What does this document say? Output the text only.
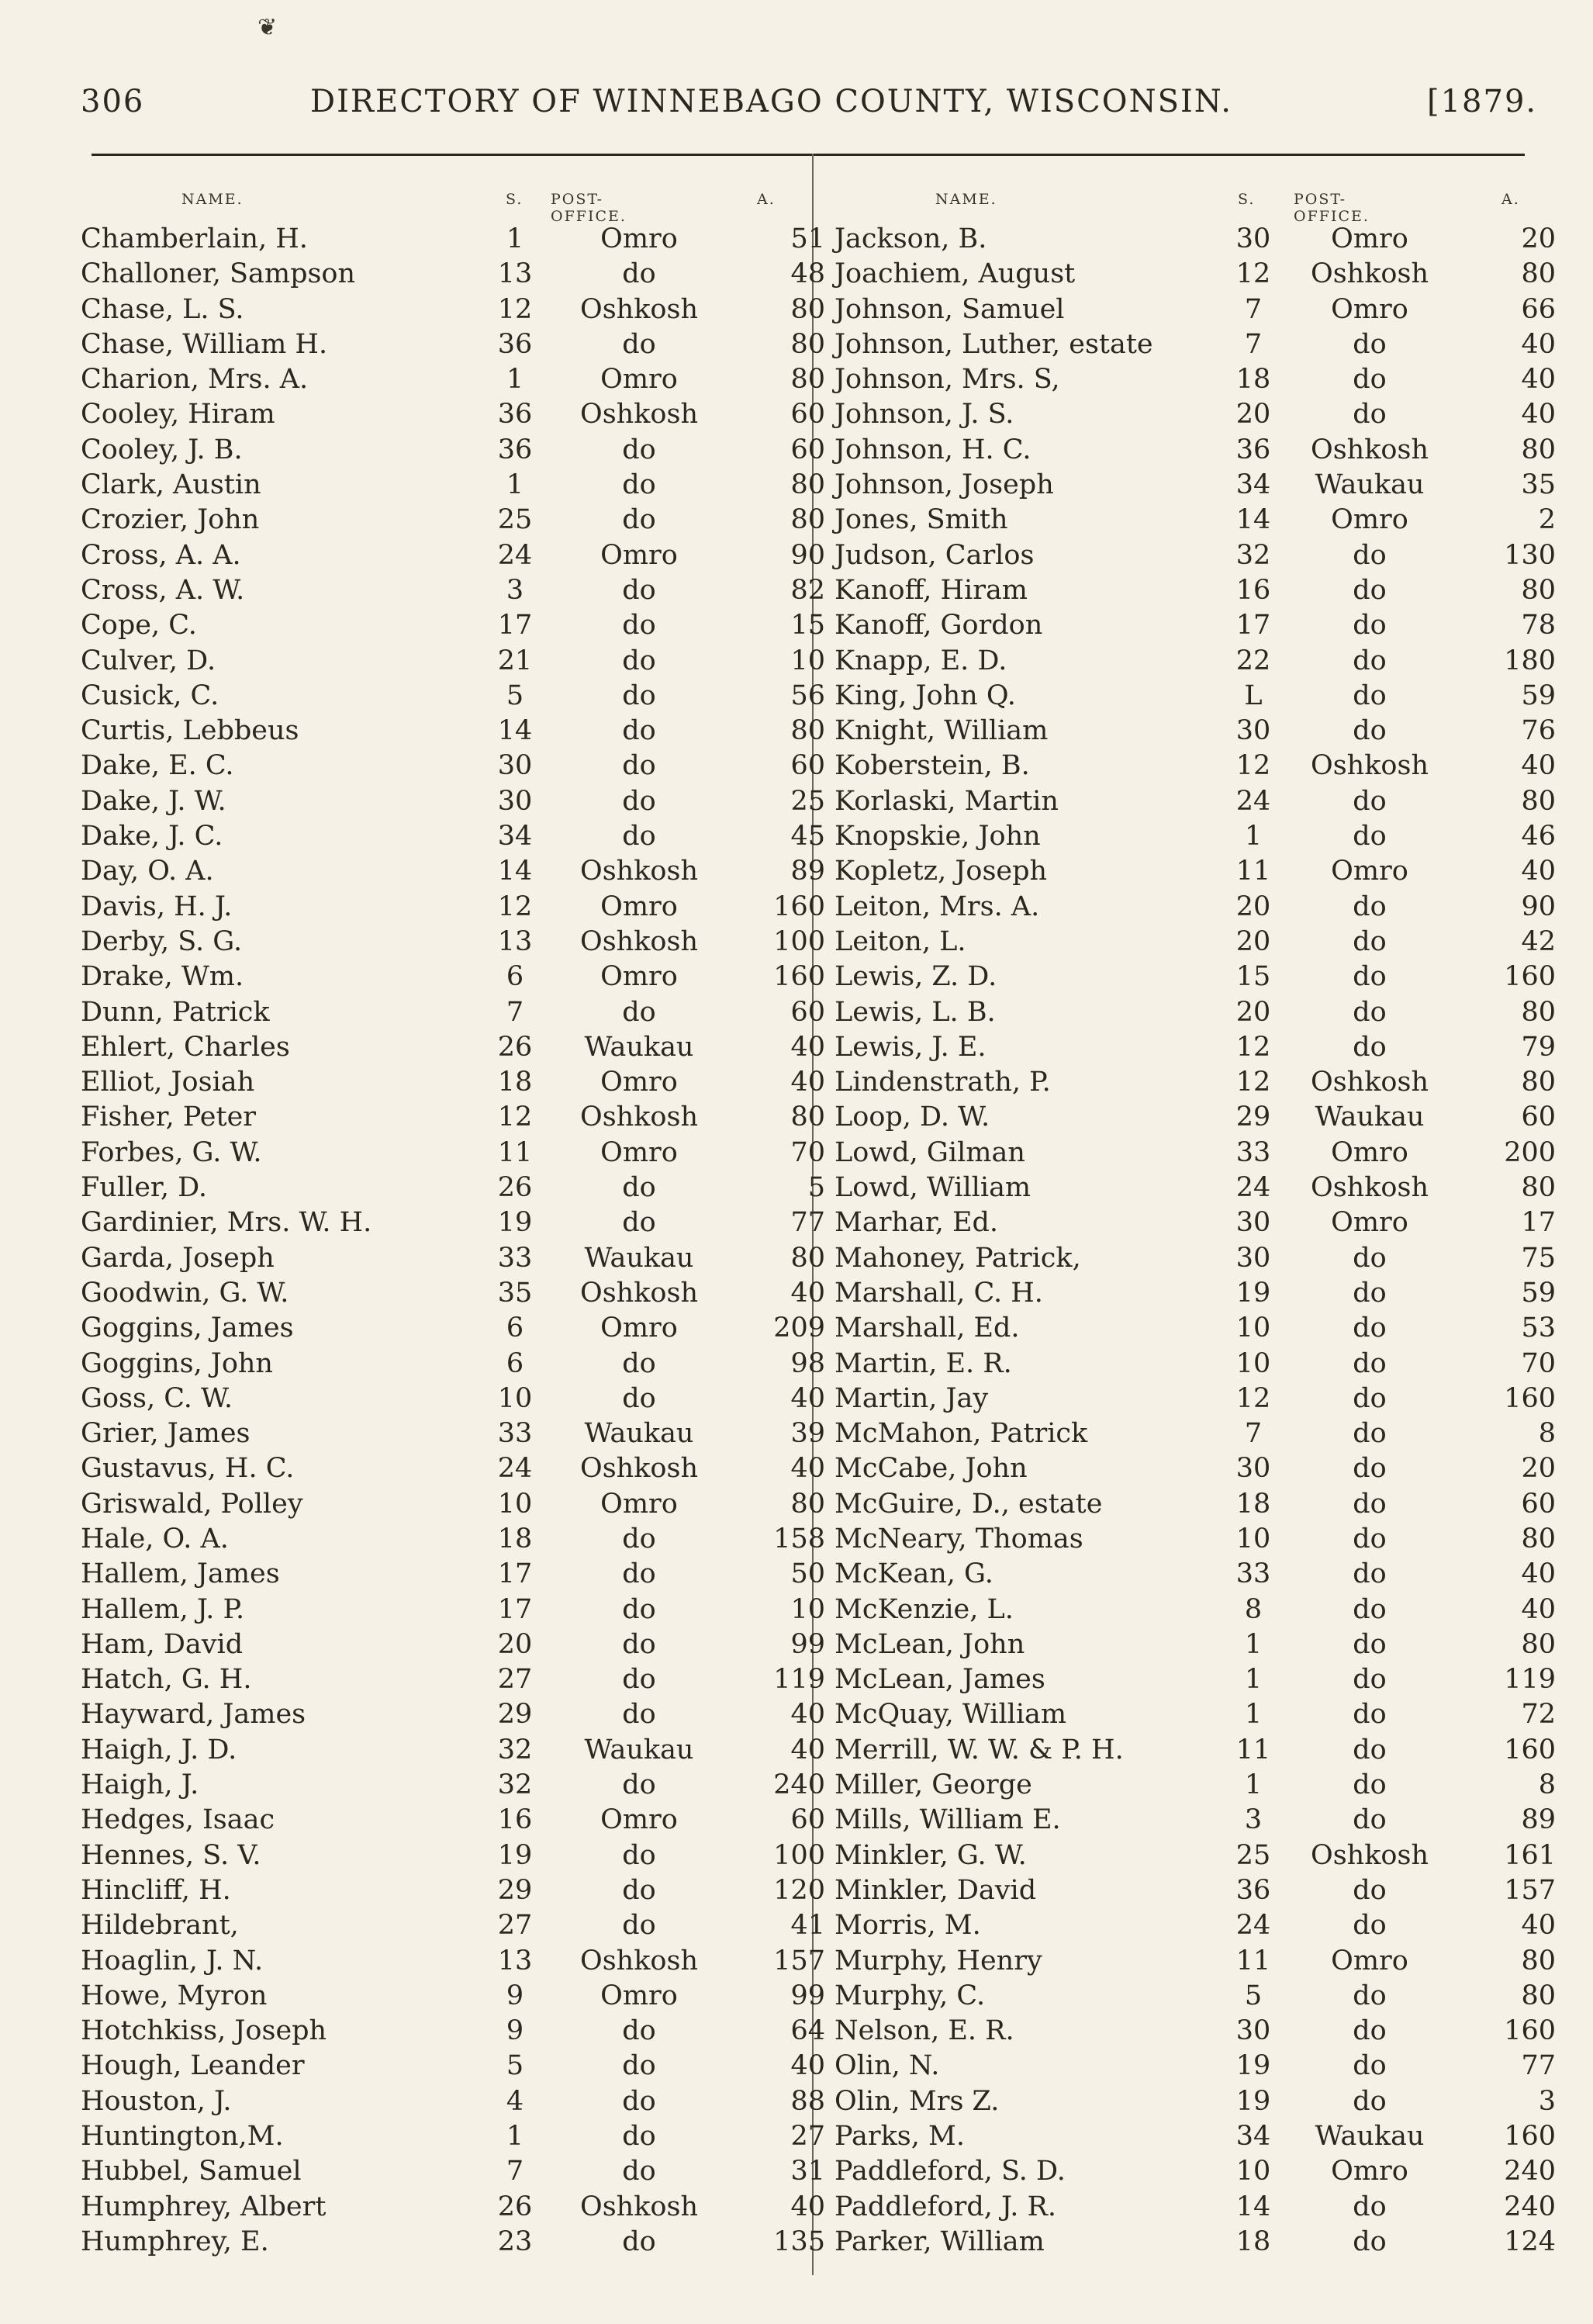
❦
306	DIRECTORY OF WINNEBAGO COUNTY, WISCONSIN.	[1879.
NAME.	S. POST-OFFICE.
A.
Chamberlain, H.	1	Omro	51
Challoner, Sampson	13	do	48
Chase, L. S.	12	Oshkosh	80
Chase, William H.	36	do	80
Charion, Mrs. A.	1	Omro	80
Cooley, Hiram	36	Oshkosh	60
Cooley, J. B.	36	do	60
Clark, Austin	1	do	80
Crozier, John	25	do	80
Cross, A. A.	24	Omro	90
Cross, A. W.	3	do	82
Cope, C.	17	do	15
Culver, D.	21	do	10
Cusick, C.	5	do	56
Curtis, Lebbeus	14	do	80
Dake, E. C.	30	do	60
Dake, J. W.	30	do	25
Dake, J. C.	34	do	45
Day, O. A.	14	Oshkosh	89
Davis, H. J.	12	Omro	160
Derby, S. G.	13	Oshkosh	100
Drake, Wm.	6	Omro	160
Dunn, Patrick	7	do	60
Ehlert, Charles	26	Waukau	40
Elliot, Josiah	18	Omro	40
Fisher, Peter	12	Oshkosh	80
Forbes, G. W.	11	Omro	70
Fuller, D.	26	do	5
Gardinier, Mrs. W. H.	19	do	77
Garda, Joseph	33	Waukau	80
Goodwin, G. W.	35	Oshkosh	40
Goggins, James	6	Omro	209
Goggins, John	6	do	98
Goss, C. W.	10	do	40
Grier, James	33	Waukau	39
Gustavus, H. C.	24	Oshkosh	40
Griswald, Polley	10	Omro	80
Hale, O. A.	18	do	158
Hallem, James	17	do	50
Hallem, J. P.	17	do	10
Ham, David	20	do	99
Hatch, G. H.	27	do	119
Hayward, James	29	do	40
Haigh, J. D.	32	Waukau	40
Haigh, J.	32	do	240
Hedges, Isaac	16	Omro	60
Hennes, S. V.	19	do	100
Hincliff, H.	29	do	120
Hildebrant,	27	do	41
Hoaglin, J. N.	13	Oshkosh	157
Howe, Myron	9	Omro	99
Hotchkiss, Joseph	9	do	64
Hough, Leander	5	do	40
Houston, J.	4	do	88
Huntington,M.	1	do	27
Hubbel, Samuel	7	do	31
Humphrey, Albert	26	Oshkosh	40
Humphrey, E.	23	do	135
NAME.	S.	POST-OFFICE.
A.
Jackson, B.	30	Omro	20
Joachiem, August	12	Oshkosh	80
Johnson, Samuel	7	Omro	66
Johnson, Luther, estate	7	do	40
Johnson, Mrs. S,	18	do	40
Johnson, J. S.	20	do	40
Johnson, H. C.	36	Oshkosh	80
Johnson, Joseph	34	Waukau	35
Jones, Smith	14	Omro	2
Judson, Carlos	32	do	130
Kanoff, Hiram	16	do	80
Kanoff, Gordon	17	do	78
Knapp, E. D.	22	do	180
King, John Q.	L	do	59
Knight, William	30	do	76
Koberstein, B.	12	Oshkosh	40
Korlaski, Martin	24	do	80
Knopskie, John	1	do	46
Kopletz, Joseph	11	Omro	40
Leiton, Mrs. A.	20	do	90
Leiton, L.	20	do	42
Lewis, Z. D.	15	do	160
Lewis, L. B.	20	do	80
Lewis, J. E.	12	do	79
Lindenstrath, P.	12	Oshkosh	80
Loop, D. W.	29	Waukau	60
Lowd, Gilman	33	Omro	200
Lowd, William	24	Oshkosh	80
Marhar, Ed.	30	Omro	17
Mahoney, Patrick,	30	do	75
Marshall, C. H.	19	do	59
Marshall, Ed.	10	do	53
Martin, E. R.	10	do	70
Martin, Jay	12	do	160
McMahon, Patrick	7	do	8
McCabe, John	30	do	20
McGuire, D., estate	18	do	60
McNeary, Thomas	10	do	80
McKean, G.	33	do	40
McKenzie, L.	8	do	40
McLean, John	1	do	80
McLean, James	1	do	119
McQuay, William	1	do	72
Merrill, W. W. & P. H.	11	do	160
Miller, George	1	do	8
Mills, William E.	3	do	89
Minkler, G. W.	25	Oshkosh	161
Minkler, David	36	do	157
Morris, M.	24	do	40
Murphy, Henry	11	Omro	80
Murphy, C.	5	do	80
Nelson, E. R.	30	do	160
Olin, N.	19	do	77
Olin, Mrs Z.	19	do	3
Parks, M.	34	Waukau	160
Paddleford, S. D.	10	Omro	240
Paddleford, J. R.	14	do	240
Parker, William	18	do	124
